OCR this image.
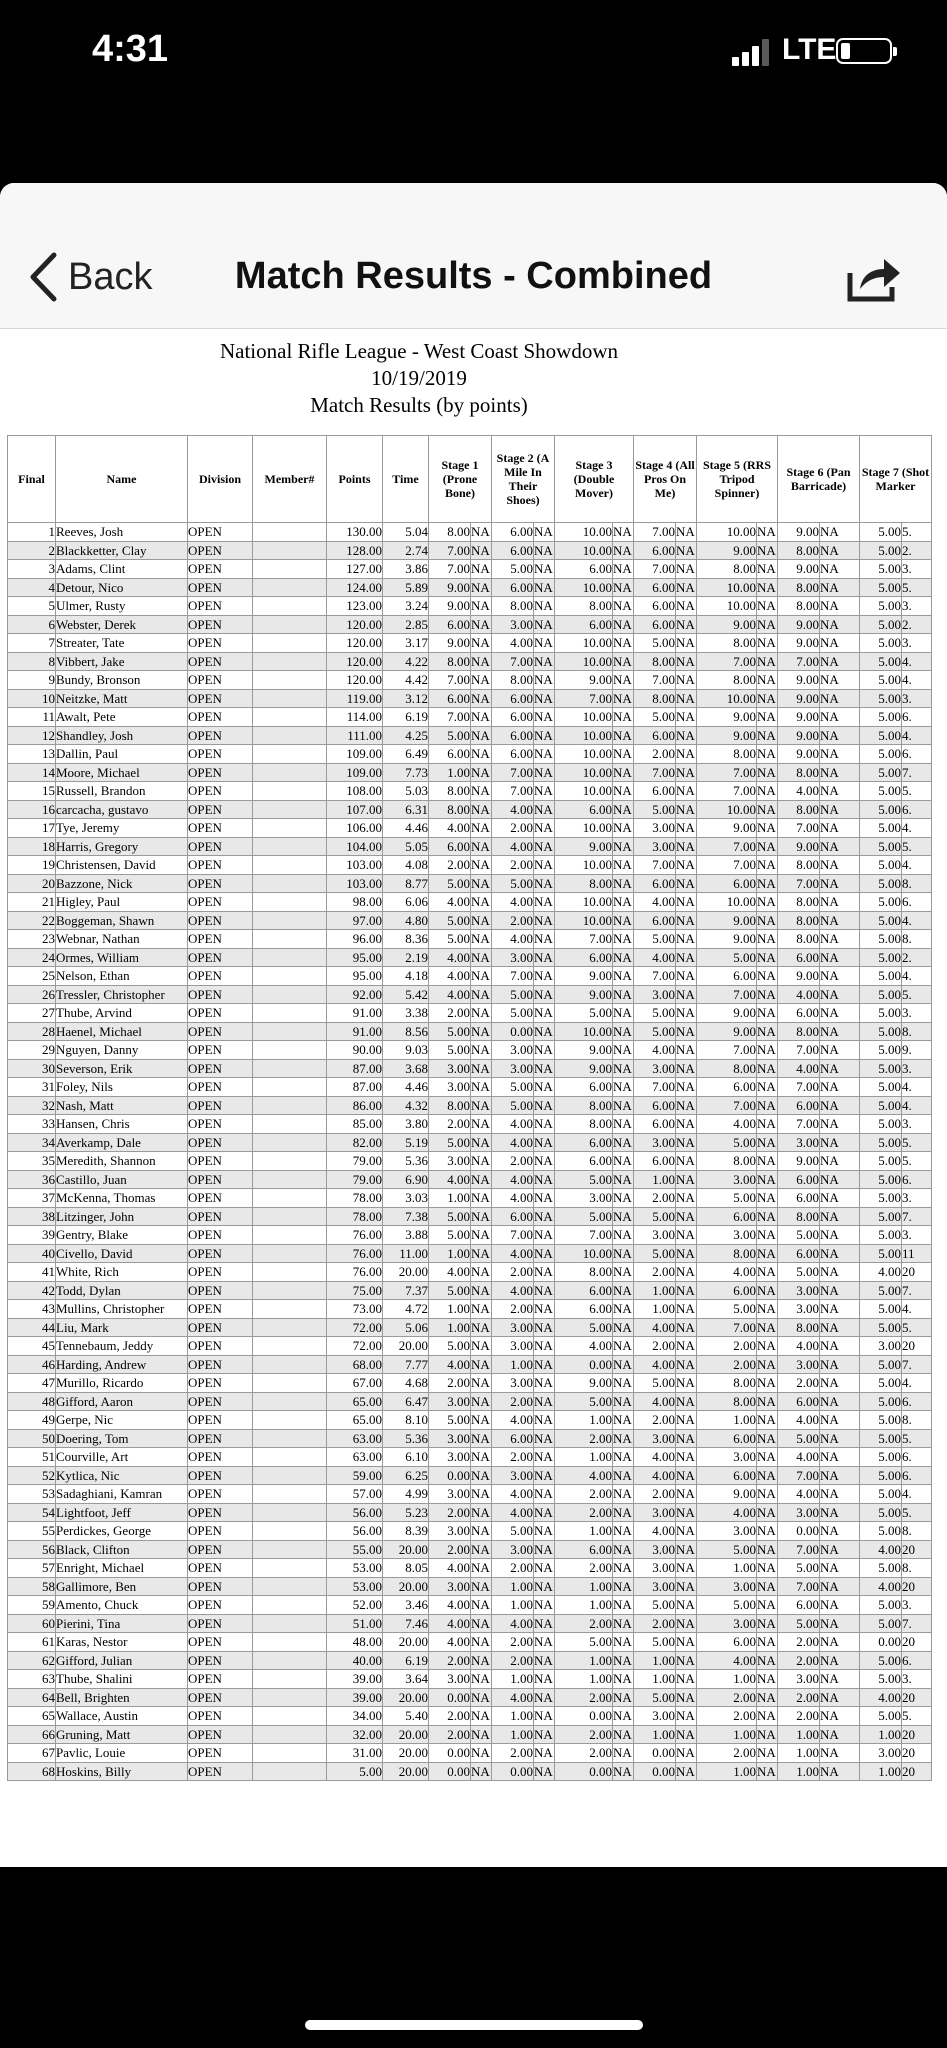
4:31	LTE
Back	Match Results - Combined
National Rifle League - West Coast Showdown
10/19/2019
Match Results (by points)
Final	Name	Division	Member#	Points	Time	Stage 1 (Prone Bone)		Stage 2 (A Mile In Their Shoes)		Stage 3 (Double Mover)		Stage 4 (All Pros On Me)		Stage 5 (RRS Tripod Spinner)		Stage 6 (Pan Barricade)		Stage 7 (Shot Marker	
1	Reeves, Josh	OPEN		130.00	5.04	8.00	NA	6.00	NA	10.00	NA	7.00	NA	10.00	NA	9.00	NA	5.00	5.
2	Blackketter, Clay	OPEN		128.00	2.74	7.00	NA	6.00	NA	10.00	NA	6.00	NA	9.00	NA	8.00	NA	5.00	2.
3	Adams, Clint	OPEN		127.00	3.86	7.00	NA	5.00	NA	6.00	NA	7.00	NA	8.00	NA	9.00	NA	5.00	3.
4	Detour, Nico	OPEN		124.00	5.89	9.00	NA	6.00	NA	10.00	NA	6.00	NA	10.00	NA	8.00	NA	5.00	5.
5	Ulmer, Rusty	OPEN		123.00	3.24	9.00	NA	8.00	NA	8.00	NA	6.00	NA	10.00	NA	8.00	NA	5.00	3.
6	Webster, Derek	OPEN		120.00	2.85	6.00	NA	3.00	NA	6.00	NA	6.00	NA	9.00	NA	9.00	NA	5.00	2.
7	Streater, Tate	OPEN		120.00	3.17	9.00	NA	4.00	NA	10.00	NA	5.00	NA	8.00	NA	9.00	NA	5.00	3.
8	Vibbert, Jake	OPEN		120.00	4.22	8.00	NA	7.00	NA	10.00	NA	8.00	NA	7.00	NA	7.00	NA	5.00	4.
9	Bundy, Bronson	OPEN		120.00	4.42	7.00	NA	8.00	NA	9.00	NA	7.00	NA	8.00	NA	9.00	NA	5.00	4.
10	Neitzke, Matt	OPEN		119.00	3.12	6.00	NA	6.00	NA	7.00	NA	8.00	NA	10.00	NA	9.00	NA	5.00	3.
11	Awalt, Pete	OPEN		114.00	6.19	7.00	NA	6.00	NA	10.00	NA	5.00	NA	9.00	NA	9.00	NA	5.00	6.
12	Shandley, Josh	OPEN		111.00	4.25	5.00	NA	6.00	NA	10.00	NA	6.00	NA	9.00	NA	9.00	NA	5.00	4.
13	Dallin, Paul	OPEN		109.00	6.49	6.00	NA	6.00	NA	10.00	NA	2.00	NA	8.00	NA	9.00	NA	5.00	6.
14	Moore, Michael	OPEN		109.00	7.73	1.00	NA	7.00	NA	10.00	NA	7.00	NA	7.00	NA	8.00	NA	5.00	7.
15	Russell, Brandon	OPEN		108.00	5.03	8.00	NA	7.00	NA	10.00	NA	6.00	NA	7.00	NA	4.00	NA	5.00	5.
16	carcacha, gustavo	OPEN		107.00	6.31	8.00	NA	4.00	NA	6.00	NA	5.00	NA	10.00	NA	8.00	NA	5.00	6.
17	Tye, Jeremy	OPEN		106.00	4.46	4.00	NA	2.00	NA	10.00	NA	3.00	NA	9.00	NA	7.00	NA	5.00	4.
18	Harris, Gregory	OPEN		104.00	5.05	6.00	NA	4.00	NA	9.00	NA	3.00	NA	7.00	NA	9.00	NA	5.00	5.
19	Christensen, David	OPEN		103.00	4.08	2.00	NA	2.00	NA	10.00	NA	7.00	NA	7.00	NA	8.00	NA	5.00	4.
20	Bazzone, Nick	OPEN		103.00	8.77	5.00	NA	5.00	NA	8.00	NA	6.00	NA	6.00	NA	7.00	NA	5.00	8.
21	Higley, Paul	OPEN		98.00	6.06	4.00	NA	4.00	NA	10.00	NA	4.00	NA	10.00	NA	8.00	NA	5.00	6.
22	Boggeman, Shawn	OPEN		97.00	4.80	5.00	NA	2.00	NA	10.00	NA	6.00	NA	9.00	NA	8.00	NA	5.00	4.
23	Webnar, Nathan	OPEN		96.00	8.36	5.00	NA	4.00	NA	7.00	NA	5.00	NA	9.00	NA	8.00	NA	5.00	8.
24	Ormes, William	OPEN		95.00	2.19	4.00	NA	3.00	NA	6.00	NA	4.00	NA	5.00	NA	6.00	NA	5.00	2.
25	Nelson, Ethan	OPEN		95.00	4.18	4.00	NA	7.00	NA	9.00	NA	7.00	NA	6.00	NA	9.00	NA	5.00	4.
26	Tressler, Christopher	OPEN		92.00	5.42	4.00	NA	5.00	NA	9.00	NA	3.00	NA	7.00	NA	4.00	NA	5.00	5.
27	Thube, Arvind	OPEN		91.00	3.38	2.00	NA	5.00	NA	5.00	NA	5.00	NA	9.00	NA	6.00	NA	5.00	3.
28	Haenel, Michael	OPEN		91.00	8.56	5.00	NA	0.00	NA	10.00	NA	5.00	NA	9.00	NA	8.00	NA	5.00	8.
29	Nguyen, Danny	OPEN		90.00	9.03	5.00	NA	3.00	NA	9.00	NA	4.00	NA	7.00	NA	7.00	NA	5.00	9.
30	Severson, Erik	OPEN		87.00	3.68	3.00	NA	3.00	NA	9.00	NA	3.00	NA	8.00	NA	4.00	NA	5.00	3.
31	Foley, Nils	OPEN		87.00	4.46	3.00	NA	5.00	NA	6.00	NA	7.00	NA	6.00	NA	7.00	NA	5.00	4.
32	Nash, Matt	OPEN		86.00	4.32	8.00	NA	5.00	NA	8.00	NA	6.00	NA	7.00	NA	6.00	NA	5.00	4.
33	Hansen, Chris	OPEN		85.00	3.80	2.00	NA	4.00	NA	8.00	NA	6.00	NA	4.00	NA	7.00	NA	5.00	3.
34	Averkamp, Dale	OPEN		82.00	5.19	5.00	NA	4.00	NA	6.00	NA	3.00	NA	5.00	NA	3.00	NA	5.00	5.
35	Meredith, Shannon	OPEN		79.00	5.36	3.00	NA	2.00	NA	6.00	NA	6.00	NA	8.00	NA	9.00	NA	5.00	5.
36	Castillo, Juan	OPEN		79.00	6.90	4.00	NA	4.00	NA	5.00	NA	1.00	NA	3.00	NA	6.00	NA	5.00	6.
37	McKenna, Thomas	OPEN		78.00	3.03	1.00	NA	4.00	NA	3.00	NA	2.00	NA	5.00	NA	6.00	NA	5.00	3.
38	Litzinger, John	OPEN		78.00	7.38	5.00	NA	6.00	NA	5.00	NA	5.00	NA	6.00	NA	8.00	NA	5.00	7.
39	Gentry, Blake	OPEN		76.00	3.88	5.00	NA	7.00	NA	7.00	NA	3.00	NA	3.00	NA	5.00	NA	5.00	3.
40	Civello, David	OPEN		76.00	11.00	1.00	NA	4.00	NA	10.00	NA	5.00	NA	8.00	NA	6.00	NA	5.00	11
41	White, Rich	OPEN		76.00	20.00	4.00	NA	2.00	NA	8.00	NA	2.00	NA	4.00	NA	5.00	NA	4.00	20
42	Todd, Dylan	OPEN		75.00	7.37	5.00	NA	4.00	NA	6.00	NA	1.00	NA	6.00	NA	3.00	NA	5.00	7.
43	Mullins, Christopher	OPEN		73.00	4.72	1.00	NA	2.00	NA	6.00	NA	1.00	NA	5.00	NA	3.00	NA	5.00	4.
44	Liu, Mark	OPEN		72.00	5.06	1.00	NA	3.00	NA	5.00	NA	4.00	NA	7.00	NA	8.00	NA	5.00	5.
45	Tennebaum, Jeddy	OPEN		72.00	20.00	5.00	NA	3.00	NA	4.00	NA	2.00	NA	2.00	NA	4.00	NA	3.00	20
46	Harding, Andrew	OPEN		68.00	7.77	4.00	NA	1.00	NA	0.00	NA	4.00	NA	2.00	NA	3.00	NA	5.00	7.
47	Murillo, Ricardo	OPEN		67.00	4.68	2.00	NA	3.00	NA	9.00	NA	5.00	NA	8.00	NA	2.00	NA	5.00	4.
48	Gifford, Aaron	OPEN		65.00	6.47	3.00	NA	2.00	NA	5.00	NA	4.00	NA	8.00	NA	6.00	NA	5.00	6.
49	Gerpe, Nic	OPEN		65.00	8.10	5.00	NA	4.00	NA	1.00	NA	2.00	NA	1.00	NA	4.00	NA	5.00	8.
50	Doering, Tom	OPEN		63.00	5.36	3.00	NA	6.00	NA	2.00	NA	3.00	NA	6.00	NA	5.00	NA	5.00	5.
51	Courville, Art	OPEN		63.00	6.10	3.00	NA	2.00	NA	1.00	NA	4.00	NA	3.00	NA	4.00	NA	5.00	6.
52	Kytlica, Nic	OPEN		59.00	6.25	0.00	NA	3.00	NA	4.00	NA	4.00	NA	6.00	NA	7.00	NA	5.00	6.
53	Sadaghiani, Kamran	OPEN		57.00	4.99	3.00	NA	4.00	NA	2.00	NA	2.00	NA	9.00	NA	4.00	NA	5.00	4.
54	Lightfoot, Jeff	OPEN		56.00	5.23	2.00	NA	4.00	NA	2.00	NA	3.00	NA	4.00	NA	3.00	NA	5.00	5.
55	Perdickes, George	OPEN		56.00	8.39	3.00	NA	5.00	NA	1.00	NA	4.00	NA	3.00	NA	0.00	NA	5.00	8.
56	Black, Clifton	OPEN		55.00	20.00	2.00	NA	3.00	NA	6.00	NA	3.00	NA	5.00	NA	7.00	NA	4.00	20
57	Enright, Michael	OPEN		53.00	8.05	4.00	NA	2.00	NA	2.00	NA	3.00	NA	1.00	NA	5.00	NA	5.00	8.
58	Gallimore, Ben	OPEN		53.00	20.00	3.00	NA	1.00	NA	1.00	NA	3.00	NA	3.00	NA	7.00	NA	4.00	20
59	Amento, Chuck	OPEN		52.00	3.46	4.00	NA	1.00	NA	1.00	NA	5.00	NA	5.00	NA	6.00	NA	5.00	3.
60	Pierini, Tina	OPEN		51.00	7.46	4.00	NA	4.00	NA	2.00	NA	2.00	NA	3.00	NA	5.00	NA	5.00	7.
61	Karas, Nestor	OPEN		48.00	20.00	4.00	NA	2.00	NA	5.00	NA	5.00	NA	6.00	NA	2.00	NA	0.00	20
62	Gifford, Julian	OPEN		40.00	6.19	2.00	NA	2.00	NA	1.00	NA	1.00	NA	4.00	NA	2.00	NA	5.00	6.
63	Thube, Shalini	OPEN		39.00	3.64	3.00	NA	1.00	NA	1.00	NA	1.00	NA	1.00	NA	3.00	NA	5.00	3.
64	Bell, Brighten	OPEN		39.00	20.00	0.00	NA	4.00	NA	2.00	NA	5.00	NA	2.00	NA	2.00	NA	4.00	20
65	Wallace, Austin	OPEN		34.00	5.40	2.00	NA	1.00	NA	0.00	NA	3.00	NA	2.00	NA	2.00	NA	5.00	5.
66	Gruning, Matt	OPEN		32.00	20.00	2.00	NA	1.00	NA	2.00	NA	1.00	NA	1.00	NA	1.00	NA	1.00	20
67	Pavlic, Louie	OPEN		31.00	20.00	0.00	NA	2.00	NA	2.00	NA	0.00	NA	2.00	NA	1.00	NA	3.00	20
68	Hoskins, Billy	OPEN		5.00	20.00	0.00	NA	0.00	NA	0.00	NA	0.00	NA	1.00	NA	1.00	NA	1.00	20
